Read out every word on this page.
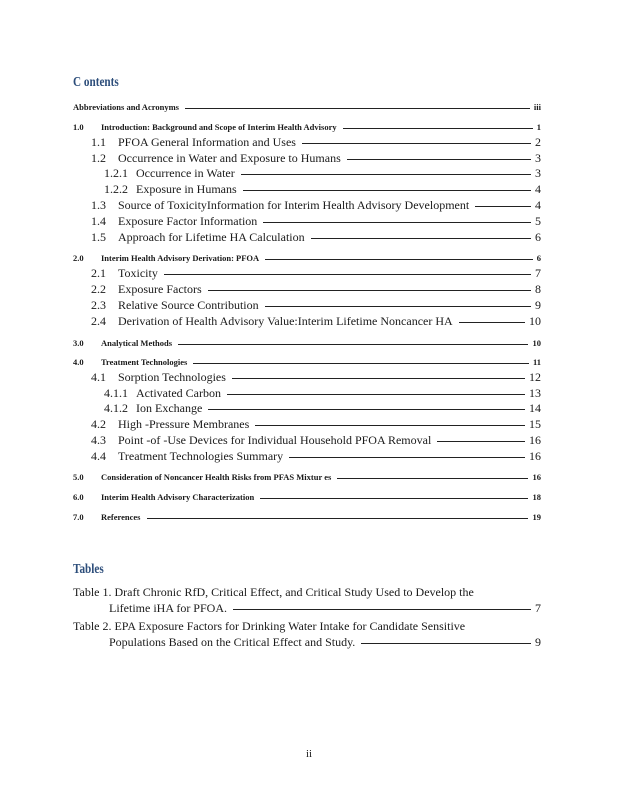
C ontents
Abbreviations and Acronyms	iii
1.0 Introduction: Background and Scope of Interim Health Advisory	1
1.1 PFOA General Information and Uses	2
1.2 Occurrence in Water and Exposure to Humans	3
1.2.1 Occurrence in Water	3
1.2.2 Exposure in Humans	4
1.3 Source of ToxicityInformation for Interim Health Advisory Development	4
1.4 Exposure Factor Information	5
1.5 Approach for Lifetime HA Calculation	6
2.0 Interim Health Advisory Derivation: PFOA	6
2.1 Toxicity	7
2.2 Exposure Factors	8
2.3 Relative Source Contribution	9
2.4 Derivation of Health Advisory Value:Interim Lifetime Noncancer HA	10
3.0 Analytical Methods	10
4.0 Treatment Technologies	11
4.1 Sorption Technologies	12
4.1.1 Activated Carbon	13
4.1.2 Ion Exchange	14
4.2 High -Pressure Membranes	15
4.3 Point -of -Use Devices for Individual Household PFOA Removal	16
4.4 Treatment Technologies Summary	16
5.0 Consideration of Noncancer Health Risks from PFAS Mixtur es	16
6.0 Interim Health Advisory Characterization	18
7.0 References	19
Tables
Table 1. Draft Chronic RfD, Critical Effect, and Critical Study Used to Develop the
Lifetime iHA for PFOA.	7
Table 2. EPA Exposure Factors for Drinking Water Intake for Candidate Sensitive
Populations Based on the Critical Effect and Study.	9
ii
